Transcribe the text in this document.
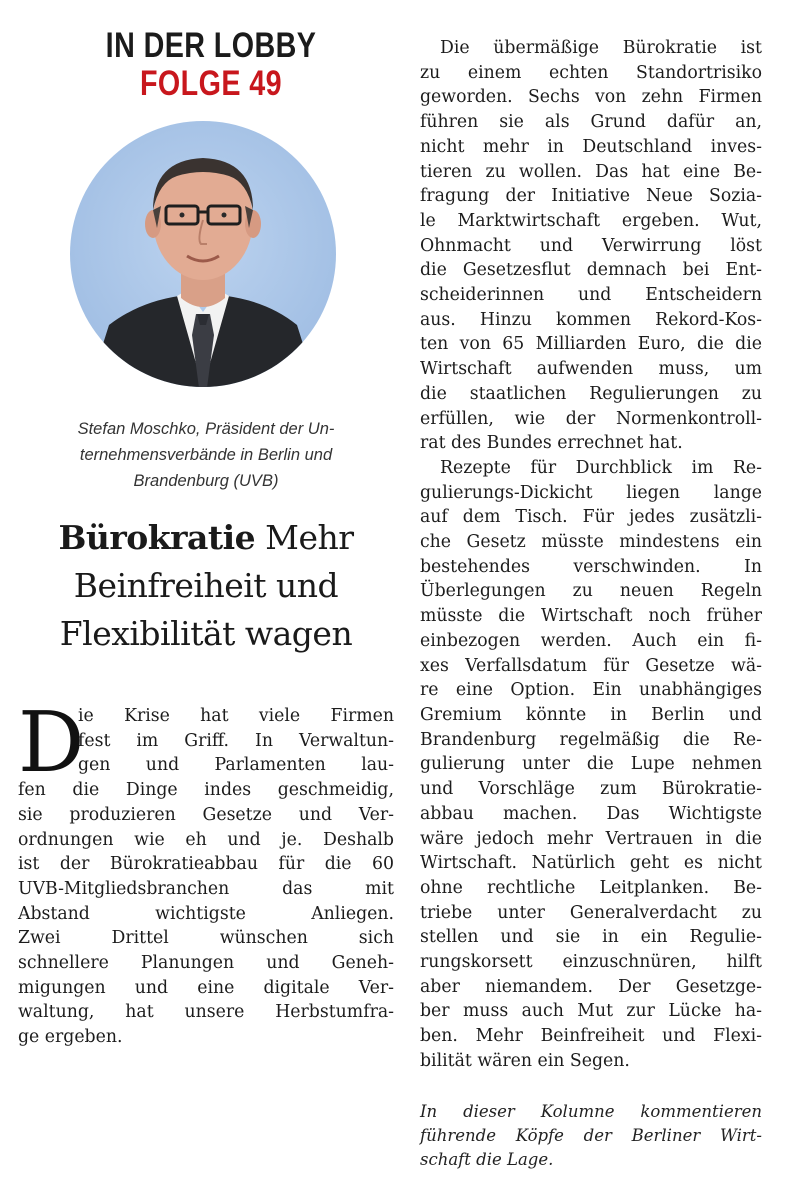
IN DER LOBBY
FOLGE 49
Stefan Moschko, Präsident der Un-
ternehmensverbände in Berlin und
Brandenburg (UVB)
Bürokratie Mehr
Beinfreiheit und
Flexibilität wagen
D
ie Krise hat viele Firmen
fest im Griff. In Verwaltun-
gen und Parlamenten lau-
fen die Dinge indes geschmeidig,
sie produzieren Gesetze und Ver-
ordnungen wie eh und je. Deshalb
ist der Bürokratieabbau für die 60
UVB-Mitgliedsbranchen das mit
Abstand wichtigste Anliegen.
Zwei Drittel wünschen sich
schnellere Planungen und Geneh-
migungen und eine digitale Ver-
waltung, hat unsere Herbstumfra-
ge ergeben.
Die übermäßige Bürokratie ist
zu einem echten Standortrisiko
geworden. Sechs von zehn Firmen
führen sie als Grund dafür an,
nicht mehr in Deutschland inves-
tieren zu wollen. Das hat eine Be-
fragung der Initiative Neue Sozia-
le Marktwirtschaft ergeben. Wut,
Ohnmacht und Verwirrung löst
die Gesetzesflut demnach bei Ent-
scheiderinnen und Entscheidern
aus. Hinzu kommen Rekord-Kos-
ten von 65 Milliarden Euro, die die
Wirtschaft aufwenden muss, um
die staatlichen Regulierungen zu
erfüllen, wie der Normenkontroll-
rat des Bundes errechnet hat.
Rezepte für Durchblick im Re-
gulierungs-Dickicht liegen lange
auf dem Tisch. Für jedes zusätzli-
che Gesetz müsste mindestens ein
bestehendes verschwinden. In
Überlegungen zu neuen Regeln
müsste die Wirtschaft noch früher
einbezogen werden. Auch ein fi-
xes Verfallsdatum für Gesetze wä-
re eine Option. Ein unabhängiges
Gremium könnte in Berlin und
Brandenburg regelmäßig die Re-
gulierung unter die Lupe nehmen
und Vorschläge zum Bürokratie-
abbau machen. Das Wichtigste
wäre jedoch mehr Vertrauen in die
Wirtschaft. Natürlich geht es nicht
ohne rechtliche Leitplanken. Be-
triebe unter Generalverdacht zu
stellen und sie in ein Regulie-
rungskorsett einzuschnüren, hilft
aber niemandem. Der Gesetzge-
ber muss auch Mut zur Lücke ha-
ben. Mehr Beinfreiheit und Flexi-
bilität wären ein Segen.
In dieser Kolumne kommentieren
führende Köpfe der Berliner Wirt-
schaft die Lage.
